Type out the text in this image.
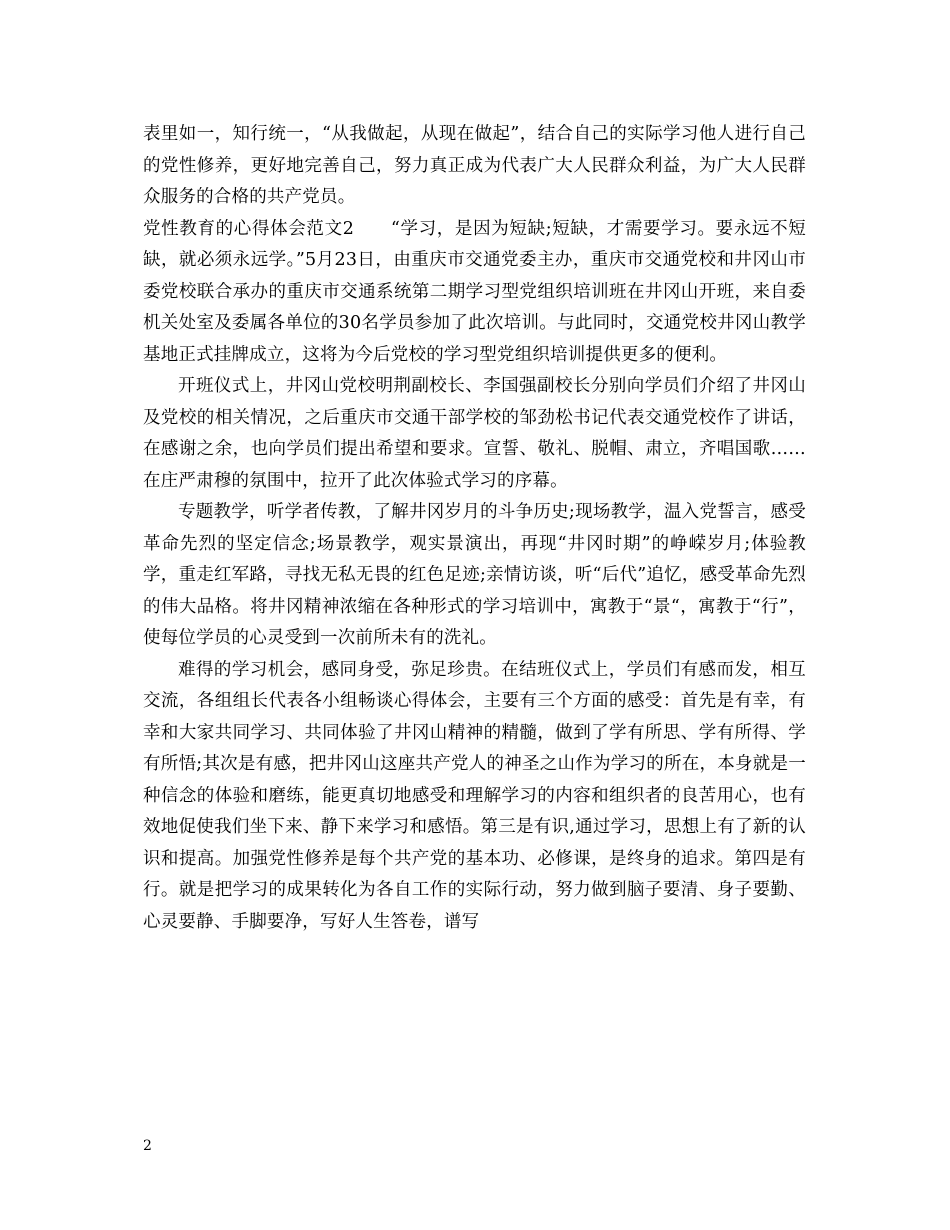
表里如一，知行统一，“从我做起，从现在做起”，结合自己的实际学习他人进行自己的党性修养，更好地完善自己，努力真正成为代表广大人民群众利益，为广大人民群众服务的合格的共产党员。

党性教育的心得体会范文2　　“学习，是因为短缺;短缺，才需要学习。要永远不短缺，就必须永远学。”5月23日，由重庆市交通党委主办，重庆市交通党校和井冈山市委党校联合承办的重庆市交通系统第二期学习型党组织培训班在井冈山开班，来自委机关处室及委属各单位的30名学员参加了此次培训。与此同时，交通党校井冈山教学基地正式挂牌成立，这将为今后党校的学习型党组织培训提供更多的便利。

开班仪式上，井冈山党校明荆副校长、李国强副校长分别向学员们介绍了井冈山及党校的相关情况，之后重庆市交通干部学校的邹劲松书记代表交通党校作了讲话，在感谢之余，也向学员们提出希望和要求。宣誓、敬礼、脱帽、肃立，齐唱国歌……在庄严肃穆的氛围中，拉开了此次体验式学习的序幕。

专题教学，听学者传教，了解井冈岁月的斗争历史;现场教学，温入党誓言，感受革命先烈的坚定信念;场景教学，观实景演出，再现“井冈时期”的峥嵘岁月;体验教学，重走红军路，寻找无私无畏的红色足迹;亲情访谈，听“后代”追忆，感受革命先烈的伟大品格。将井冈精神浓缩在各种形式的学习培训中，寓教于“景“，寓教于“行”，使每位学员的心灵受到一次前所未有的洗礼。

难得的学习机会，感同身受，弥足珍贵。在结班仪式上，学员们有感而发，相互交流，各组组长代表各小组畅谈心得体会，主要有三个方面的感受：首先是有幸，有幸和大家共同学习、共同体验了井冈山精神的精髓，做到了学有所思、学有所得、学有所悟;其次是有感，把井冈山这座共产党人的神圣之山作为学习的所在，本身就是一种信念的体验和磨练，能更真切地感受和理解学习的内容和组织者的良苦用心，也有效地促使我们坐下来、静下来学习和感悟。第三是有识,通过学习，思想上有了新的认识和提高。加强党性修养是每个共产党的基本功、必修课，是终身的追求。第四是有行。就是把学习的成果转化为各自工作的实际行动，努力做到脑子要清、身子要勤、心灵要静、手脚要净，写好人生答卷，谱写

2
